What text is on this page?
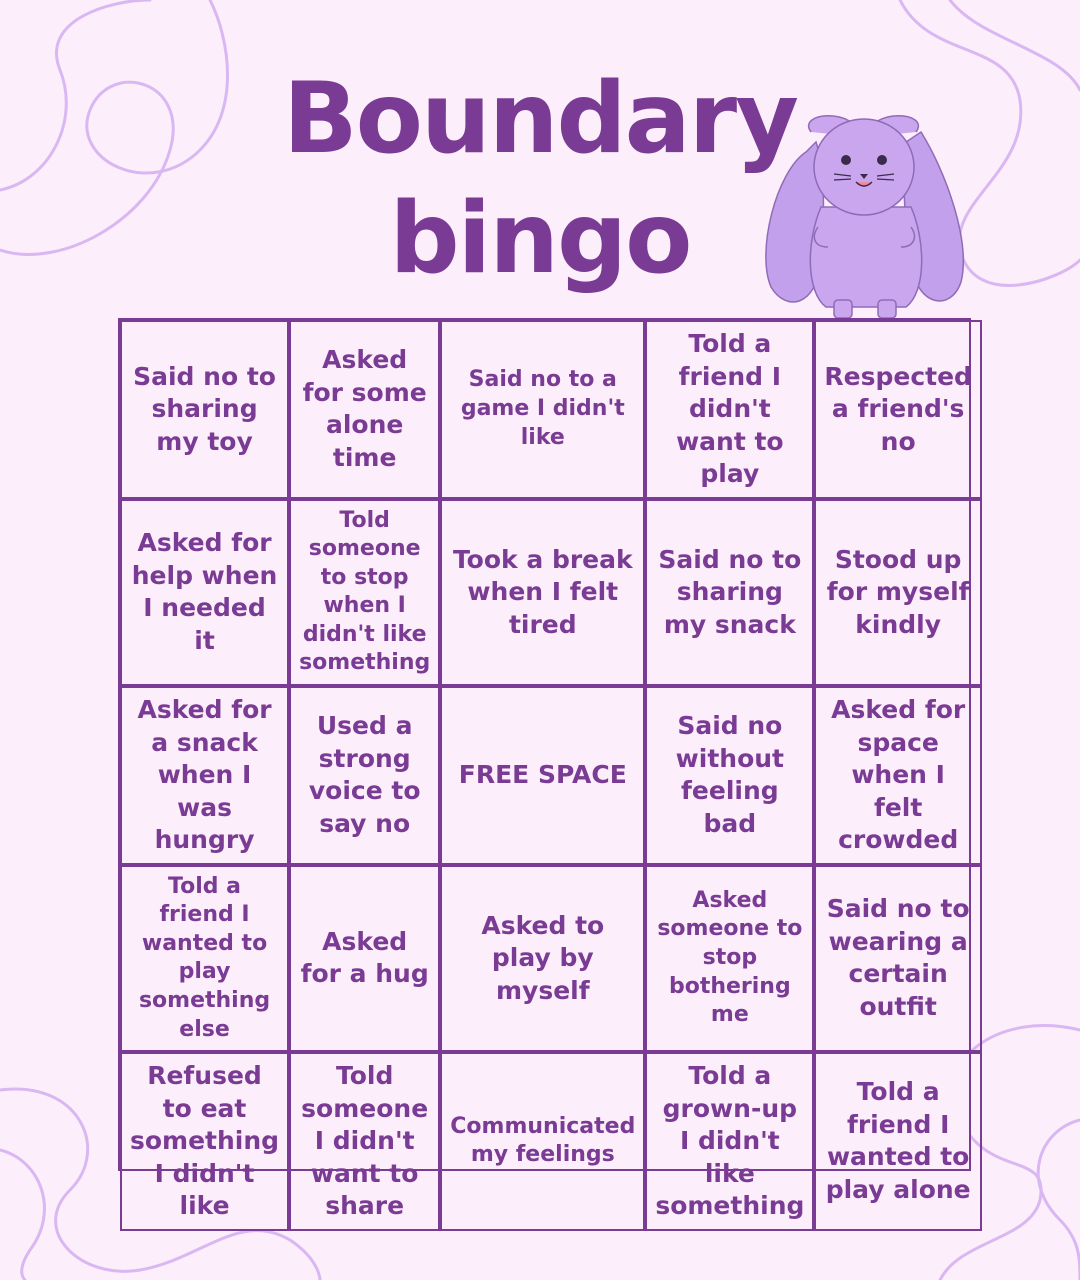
Boundary
bingo
Said no to sharing my toy
Asked for some alone time
Said no to a game I didn't like
Told a friend I didn't want to play
Respected a friend's no
Asked for help when I needed it
Told someone to stop when I didn't like something
Took a break when I felt tired
Said no to sharing my snack
Stood up for myself kindly
Asked for a snack when I was hungry
Used a strong voice to say no
FREE SPACE
Said no without feeling bad
Asked for space when I felt crowded
Told a friend I wanted to play something else
Asked for a hug
Asked to play by myself
Asked someone to stop bothering me
Said no to wearing a certain outfit
Refused to eat something I didn't like
Told someone I didn't want to share
Communicated my feelings
Told a grown-up I didn't like something
Told a friend I wanted to play alone
